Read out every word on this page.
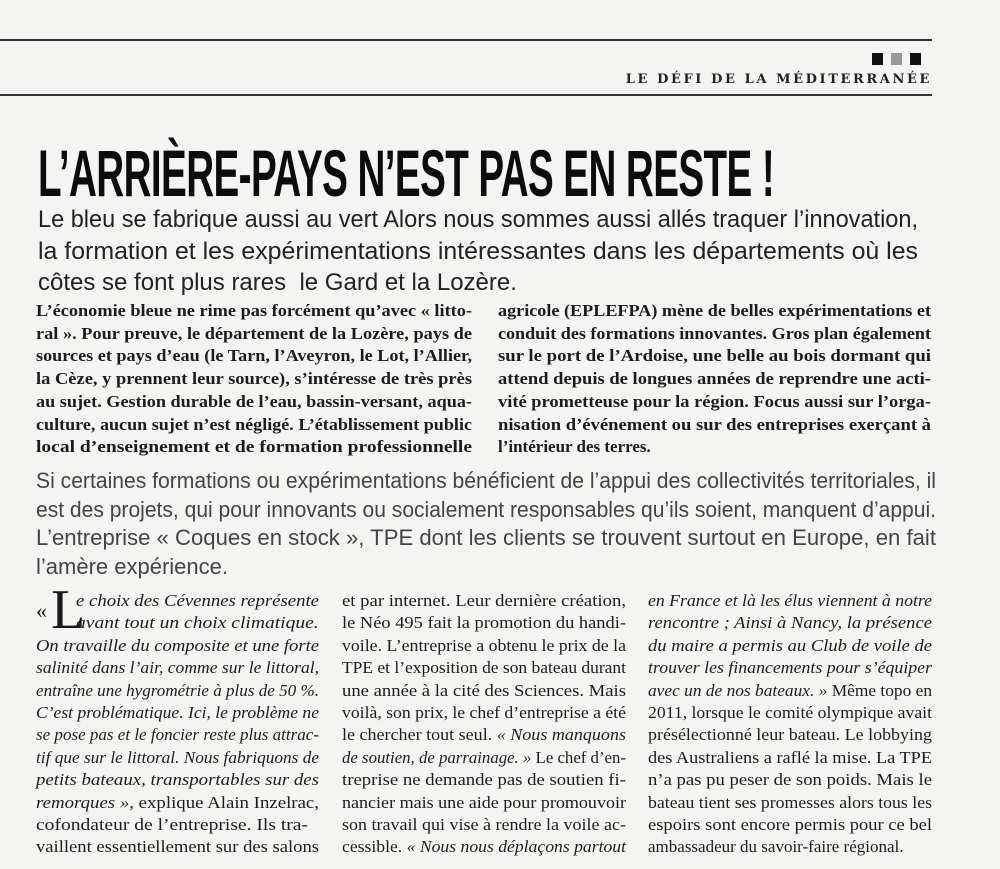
LE DÉFI DE LA MÉDITERRANÉE
L’ARRIÈRE-PAYS N’EST PAS EN RESTE !
Le bleu se fabrique aussi au vert Alors nous sommes aussi allés traquer l’innovation,
la formation et les expérimentations intéressantes dans les départements où les
côtes se font plus rares  le Gard et la Lozère.
L’économie bleue ne rime pas forcément qu’avec « litto-
ral ». Pour preuve, le département de la Lozère, pays de
sources et pays d’eau (le Tarn, l’Aveyron, le Lot, l’Allier,
la Cèze, y prennent leur source), s’intéresse de très près
au sujet. Gestion durable de l’eau, bassin-versant, aqua-
culture, aucun sujet n’est négligé. L’établissement public
local d’enseignement et de formation professionnelle
agricole (EPLEFPA) mène de belles expérimentations et
conduit des formations innovantes. Gros plan également
sur le port de l’Ardoise, une belle au bois dormant qui
attend depuis de longues années de reprendre une acti-
vité prometteuse pour la région. Focus aussi sur l’orga-
nisation d’événement ou sur des entreprises exerçant à
l’intérieur des terres.
Si certaines formations ou expérimentations bénéficient de l’appui des collectivités territoriales, il
est des projets, qui pour innovants ou socialement responsables qu’ils soient, manquent d’appui.
L’entreprise « Coques en stock », TPE dont les clients se trouvent surtout en Europe, en fait
l’amère expérience.
« L
e choix des Cévennes représente
avant tout un choix climatique.
On travaille du composite et une forte
salinité dans l’air, comme sur le littoral,
entraîne une hygrométrie à plus de 50 %.
C’est problématique. Ici, le problème ne
se pose pas et le foncier reste plus attrac-
tif que sur le littoral. Nous fabriquons de
petits bateaux, transportables sur des
remorques », explique Alain Inzelrac,
cofondateur de l’entreprise. Ils tra-
vaillent essentiellement sur des salons
et par internet. Leur dernière création,
le Néo 495 fait la promotion du handi-
voile. L’entreprise a obtenu le prix de la
TPE et l’exposition de son bateau durant
une année à la cité des Sciences. Mais
voilà, son prix, le chef d’entreprise a été
le chercher tout seul. « Nous manquons
de soutien, de parrainage. » Le chef d’en-
treprise ne demande pas de soutien fi-
nancier mais une aide pour promouvoir
son travail qui vise à rendre la voile ac-
cessible. « Nous nous déplaçons partout
en France et là les élus viennent à notre
rencontre ; Ainsi à Nancy, la présence
du maire a permis au Club de voile de
trouver les financements pour s’équiper
avec un de nos bateaux. » Même topo en
2011, lorsque le comité olympique avait
présélectionné leur bateau. Le lobbying
des Australiens a raflé la mise. La TPE
n’a pas pu peser de son poids. Mais le
bateau tient ses promesses alors tous les
espoirs sont encore permis pour ce bel
ambassadeur du savoir-faire régional.
